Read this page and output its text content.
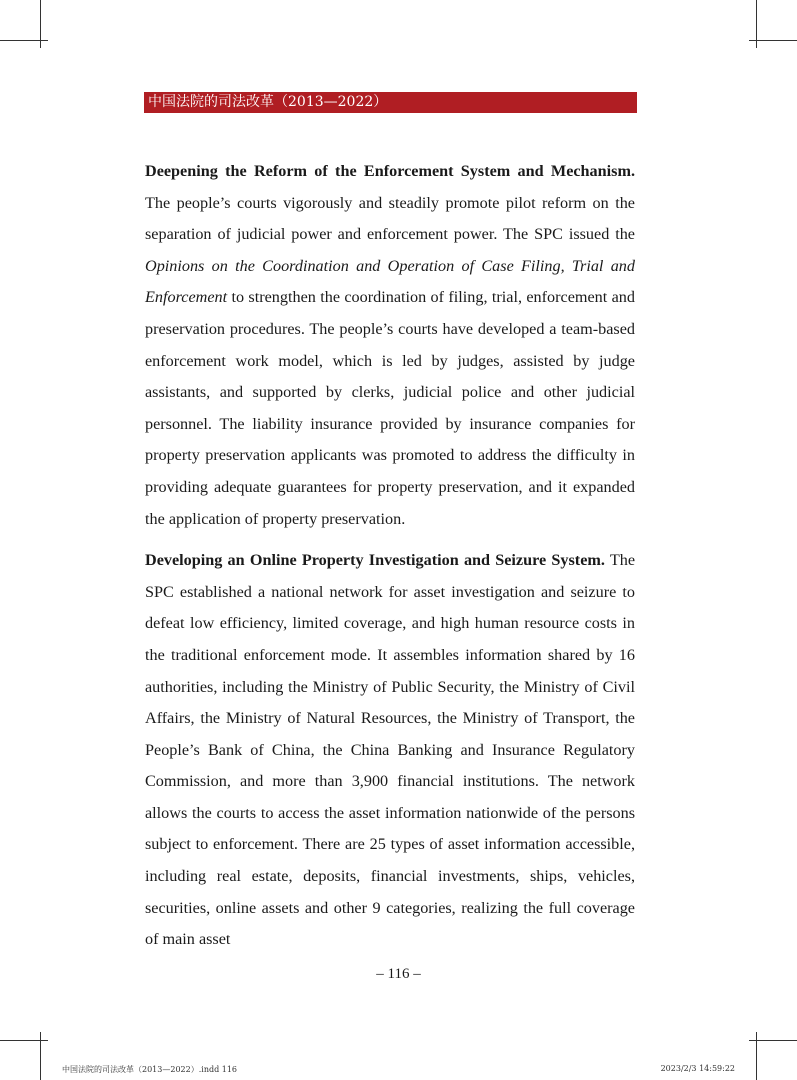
中国法院的司法改革（2013—2022）

Deepening the Reform of the Enforcement System and Mechanism. The people’s courts vigorously and steadily promote pilot reform on the separation of judicial power and enforcement power. The SPC issued the Opinions on the Coordination and Operation of Case Filing, Trial and Enforcement to strengthen the coordination of filing, trial, enforcement and preservation procedures. The people’s courts have developed a team-based enforcement work model, which is led by judges, assisted by judge assistants, and supported by clerks, judicial police and other judicial personnel. The liability insurance provided by insurance companies for property preservation applicants was promoted to address the difficulty in providing adequate guarantees for property preservation, and it expanded the application of property preservation.

Developing an Online Property Investigation and Seizure System. The SPC established a national network for asset investigation and seizure to defeat low efficiency, limited coverage, and high human resource costs in the traditional enforcement mode. It assembles information shared by 16 authorities, including the Ministry of Public Security, the Ministry of Civil Affairs, the Ministry of Natural Resources, the Ministry of Transport, the People’s Bank of China, the China Banking and Insurance Regulatory Commission, and more than 3,900 financial institutions. The network allows the courts to access the asset information nationwide of the persons subject to enforcement. There are 25 types of asset information accessible, including real estate, deposits, financial investments, ships, vehicles, securities, online assets and other 9 categories, realizing the full coverage of main asset

– 116 –
中国法院的司法改革（2013—2022）.indd 116	2023/2/3 14:59:22
